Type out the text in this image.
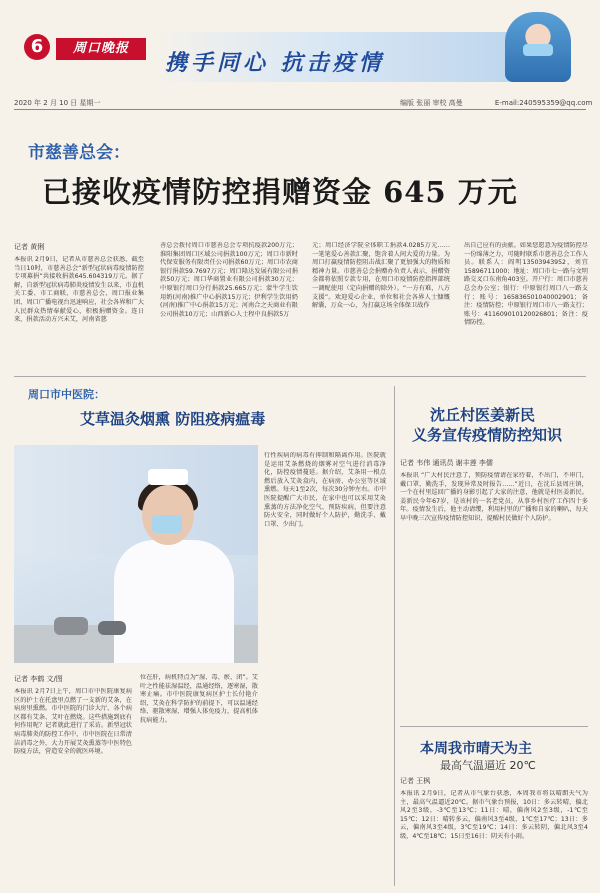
6	周口晚报
携手同心 抗击疫情
2020 年 2 月 10 日 星期一	编版 张丽 审校 高曼	E-mail:240595359@qq.com
市慈善总会：
已接收疫情防控捐赠资金 645 万元
记者 黄俐
本报讯 2月9日，记者从市慈善总会获悉，截至当日10时，市慈善总会“新型冠状病毒疫情防控专项募捐”共接收捐款645.604319万元。据了解，自新型冠状病毒肺炎疫情发生以来，市直机关工委、市工商联、市慈善总会、周口报业集团、周口广播电视台迅速响应，社会各界和广大人民群众热情奉献爱心，积极捐赠资金。连日来，捐款活动方兴未艾，河南省慈
善总会拨付周口市慈善总会专项抗疫款200万元；淮阳集团周口区域公司捐款100万元；周口市新时代保安服务有限责任公司捐款60万元；周口市农商银行捐款59.7697万元；周口隆达发展有限公司捐款50万元；周口华商置业有限公司捐款30万元；中原银行周口分行捐款25.665万元；蒙牛学生饮用奶(河南)推广中心捐款15万元；伊利学生饮用奶(河南)推广中心捐款15万元；河南合之天商业有限公司捐款10万元；山西新心人士程中良捐款5万
元；周口经济学院全体职工捐款4.0285万元……一笔笔爱心善款汇聚，饱含着人间大爱的力量。为周口打赢疫情防控阻击战汇聚了更加强大的物质和精神力量。市慈善总会捐赠办负责人表示，捐赠资金都将依照专款专用，在周口市疫情防控指挥部统一调配使用（定向捐赠的除外）。“一方有难，八方支援”。欢迎爱心企业、单位和社会各界人士慷慨解囊，万众一心，为打赢这场全体保卫战作
出自己应有的贡献。如果您愿意为疫情防控尽一份绵薄之力，可随时联系市慈善总会工作人员。联系人：阎明13503943952，刘宜 15896711000；地址：周口市七一路与文明路交叉口东南角403室。开户行：周口市慈善总会办公室；银行：中原银行周口八一路支行；账号：165836501040002901；备注：疫情防控；中原银行周口市八一路支行；账号：411609010120026801；备注：疫情防控。
周口市中医院：
艾草温灸烟熏 防阻疫病瘟毒
记者 李鹤 文/图
本报讯 2月7日上午，周口市中医院康复病区的护士在托盘里点燃了一支新的艾条，在病房里熏燃。市中医院的门诊大厅、各个病区都有艾条、艾叶在燃烧。这些措施到底有何作用呢？记者就此进行了采访。新型冠状病毒肺炎的防控工作中，市中医院在日常清洁消毒之外，大力开展艾灸熏蒸等中医特色防疫方法，营造安全的就医环境。
位在肝，病机特点为“湿、毒、瘀、闭”。艾叶之性能祛湿温经，温通经络，逐寒湿，散寒止痛。市中医院康复病区护士长付艳介绍，艾灸在科学防护的前提下，可以温通经络、驱散寒湿、增强人体免疫力，提高机体抗病能力。
行性疾病的病毒有抑制和隔离作用。医院就是运用艾条燃烧的烟雾对空气进行消毒净化，防控疫情蔓延。据介绍，艾条用一根点燃后放入艾灸盒内，在病房、办公室等区域熏燃。每天1至2次，每次30分钟左右。市中医院提醒广大市民，在家中也可以采用艾灸熏蒸的方法净化空气、预防疾病，但要注意防火安全，同时做好个人防护，勤洗手、戴口罩、少出门。
沈丘村医姜新民
义务宣传疫情防控知识
记者 韦伟 通讯员 谢丰莲 李儒
本报讯 “广大村民注意了，预防疫情请在家待着，不出门，不串门，戴口罩，勤洗手，发现异常及时报告……”近日，在沈丘县周庄镇，一个在村里巡回广播的身影引起了大家的注意，他就是村医姜新民。姜新民今年67岁，是该村的一名老党员，从事乡村医疗工作四十多年。疫情发生后，他主动请缨，利用村里的广播和自家的喇叭，每天早中晚三次宣传疫情防控知识，提醒村民做好个人防护。
本周我市晴天为主
最高气温逼近 20℃
记者 王枫
本报讯 2月9日，记者从市气象台获悉，本周我市将以晴朗天气为主，最高气温逼近20℃。据市气象台预报，10日：多云转晴，偏北风2至3级，-3℃至13℃；11日：晴，偏南风2至3级，-1℃至15℃；12日：晴转多云，偏南风3至4级，1℃至17℃；13日：多云，偏南风3至4级，3℃至19℃；14日：多云转阴，偏北风3至4级，4℃至18℃；15日至16日：阴天有小雨。
